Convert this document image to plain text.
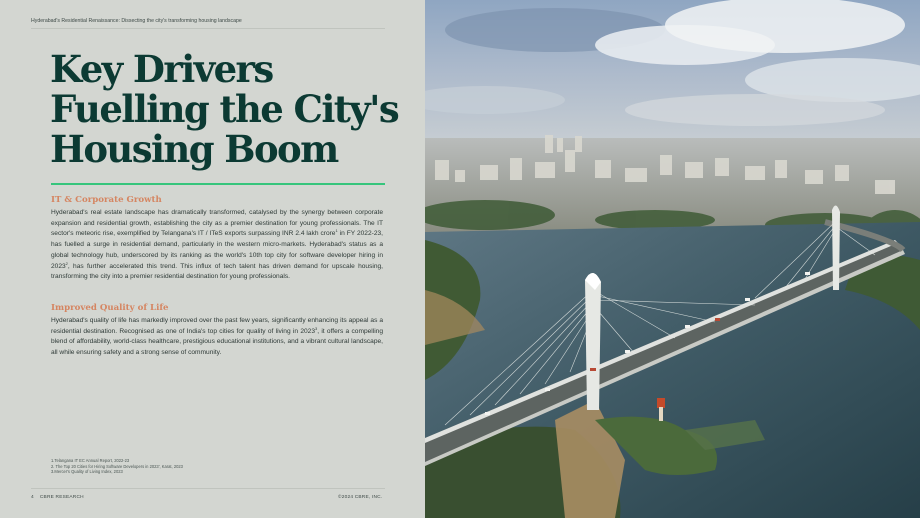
Hyderabad's Residential Renaissance: Dissecting the city's transforming housing landscape
Key Drivers
Fuelling the City's
Housing Boom
IT & Corporate Growth

Hyderabad's real estate landscape has dramatically transformed, catalysed by the synergy between corporate expansion and residential growth, establishing the city as a premier destination for young professionals. The IT sector's meteoric rise, exemplified by Telangana's IT / ITeS exports surpassing INR 2.4 lakh crore$^1$ in FY 2022-23, has fuelled a surge in residential demand, particularly in the western micro-markets. Hyderabad's status as a global technology hub, underscored by its ranking as the world's 10th top city for software developer hiring in 2023$^2$, has further accelerated this trend. This influx of tech talent has driven demand for upscale housing, transforming the city into a premier residential destination for young professionals.

Improved Quality of Life

Hyderabad's quality of life has markedly improved over the past few years, significantly enhancing its appeal as a residential destination. Recognised as one of India's top cities for quality of living in 2023$^3$, it offers a compelling blend of affordability, world-class healthcare, prestigious educational institutions, and a vibrant cultural landscape, all while ensuring safety and a strong sense of community.

1.Telangana IT EC Annual Report, 2022-23
2. The Top 20 Cities for Hiring Software Developers in 2023', Karat, 2023
3.Mercer's Quality of Living Index, 2023
4 CBRE RESEARCH	©2024 CBRE, INC.
